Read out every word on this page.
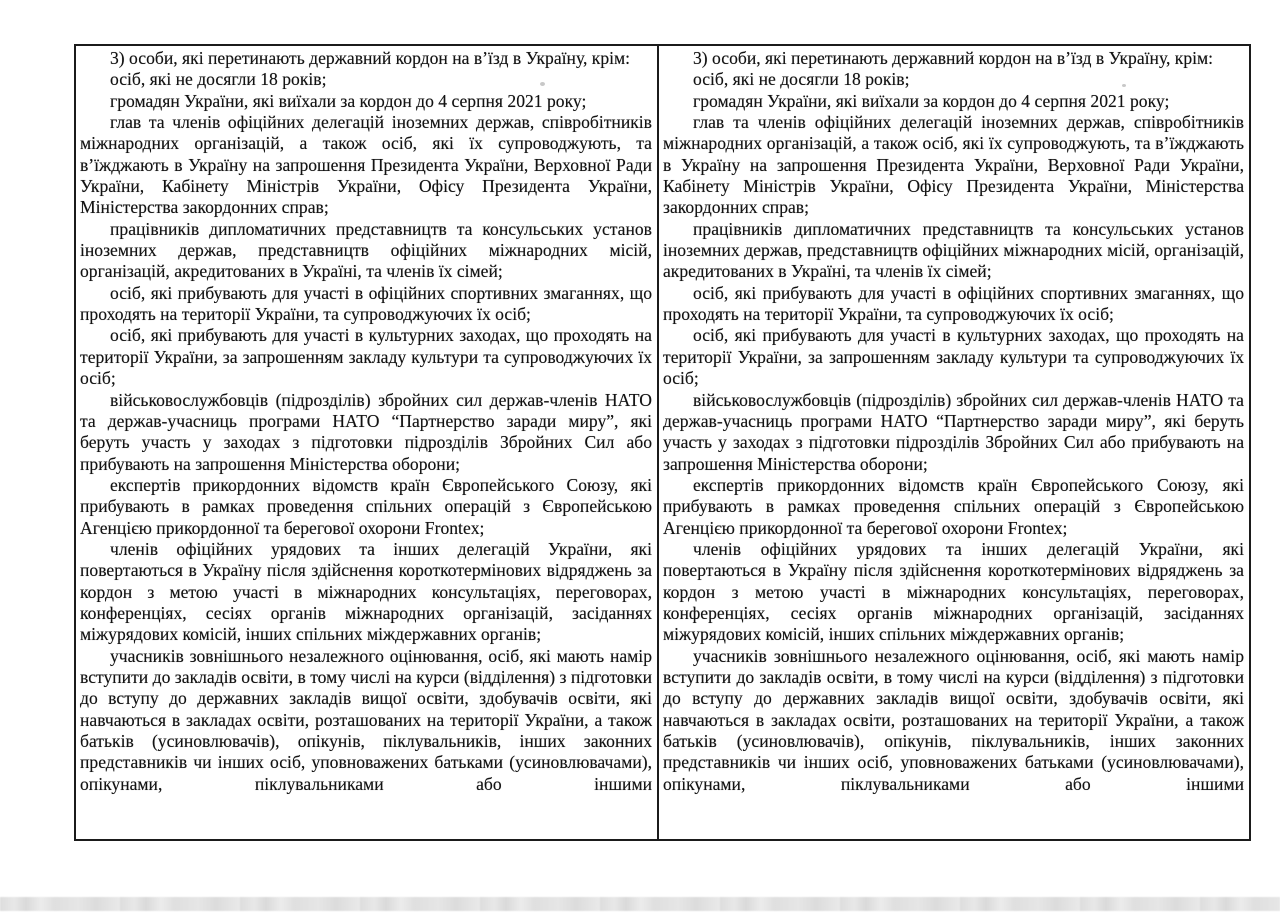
3) особи, які перетинають державний кордон на в’їзд в Україну, крім:

осіб, які не досягли 18 років;

громадян України, які виїхали за кордон до 4 серпня 2021 року;

глав та членів офіційних делегацій іноземних держав, співробітників міжнародних організацій, а також осіб, які їх супроводжують, та в’їжджають в Україну на запрошення Президента України, Верховної Ради України, Кабінету Міністрів України, Офісу Президента України, Міністерства закордонних справ;

працівників дипломатичних представництв та консульських установ іноземних держав, представництв офіційних міжнародних місій, організацій, акредитованих в Україні, та членів їх сімей;

осіб, які прибувають для участі в офіційних спортивних змаганнях, що проходять на території України, та супроводжуючих їх осіб;

осіб, які прибувають для участі в культурних заходах, що проходять на території України, за запрошенням закладу культури та супроводжуючих їх осіб;

військовослужбовців (підрозділів) збройних сил держав-членів НАТО та держав-учасниць програми НАТО “Партнерство заради миру”, які беруть участь у заходах з підготовки підрозділів Збройних Сил або прибувають на запрошення Міністерства оборони;

експертів прикордонних відомств країн Європейського Союзу, які прибувають в рамках проведення спільних операцій з Європейською Агенцією прикордонної та берегової охорони Frontex;

членів офіційних урядових та інших делегацій України, які повертаються в Україну після здійснення короткотермінових відряджень за кордон з метою участі в міжнародних консультаціях, переговорах, конференціях, сесіях органів міжнародних організацій, засіданнях міжурядових комісій, інших спільних міждержавних органів;

учасників зовнішнього незалежного оцінювання, осіб, які мають намір вступити до закладів освіти, в тому числі на курси (відділення) з підготовки до вступу до державних закладів вищої освіти, здобувачів освіти, які навчаються в закладах освіти, розташованих на території України, а також батьків (усиновлювачів), опікунів, піклувальників, інших законних представників чи інших осіб, уповноважених батьками (усиновлювачами), опікунами, піклувальниками або іншими

3) особи, які перетинають державний кордон на в’їзд в Україну, крім:

осіб, які не досягли 18 років;

громадян України, які виїхали за кордон до 4 серпня 2021 року;

глав та членів офіційних делегацій іноземних держав, співробітників міжнародних організацій, а також осіб, які їх супроводжують, та в’їжджають в Україну на запрошення Президента України, Верховної Ради України, Кабінету Міністрів України, Офісу Президента України, Міністерства закордонних справ;

працівників дипломатичних представництв та консульських установ іноземних держав, представництв офіційних міжнародних місій, організацій, акредитованих в Україні, та членів їх сімей;

осіб, які прибувають для участі в офіційних спортивних змаганнях, що проходять на території України, та супроводжуючих їх осіб;

осіб, які прибувають для участі в культурних заходах, що проходять на території України, за запрошенням закладу культури та супроводжуючих їх осіб;

військовослужбовців (підрозділів) збройних сил держав-членів НАТО та держав-учасниць програми НАТО “Партнерство заради миру”, які беруть участь у заходах з підготовки підрозділів Збройних Сил або прибувають на запрошення Міністерства оборони;

експертів прикордонних відомств країн Європейського Союзу, які прибувають в рамках проведення спільних операцій з Європейською Агенцією прикордонної та берегової охорони Frontex;

членів офіційних урядових та інших делегацій України, які повертаються в Україну після здійснення короткотермінових відряджень за кордон з метою участі в міжнародних консультаціях, переговорах, конференціях, сесіях органів міжнародних організацій, засіданнях міжурядових комісій, інших спільних міждержавних органів;

учасників зовнішнього незалежного оцінювання, осіб, які мають намір вступити до закладів освіти, в тому числі на курси (відділення) з підготовки до вступу до державних закладів вищої освіти, здобувачів освіти, які навчаються в закладах освіти, розташованих на території України, а також батьків (усиновлювачів), опікунів, піклувальників, інших законних представників чи інших осіб, уповноважених батьками (усиновлювачами), опікунами, піклувальниками або іншими
